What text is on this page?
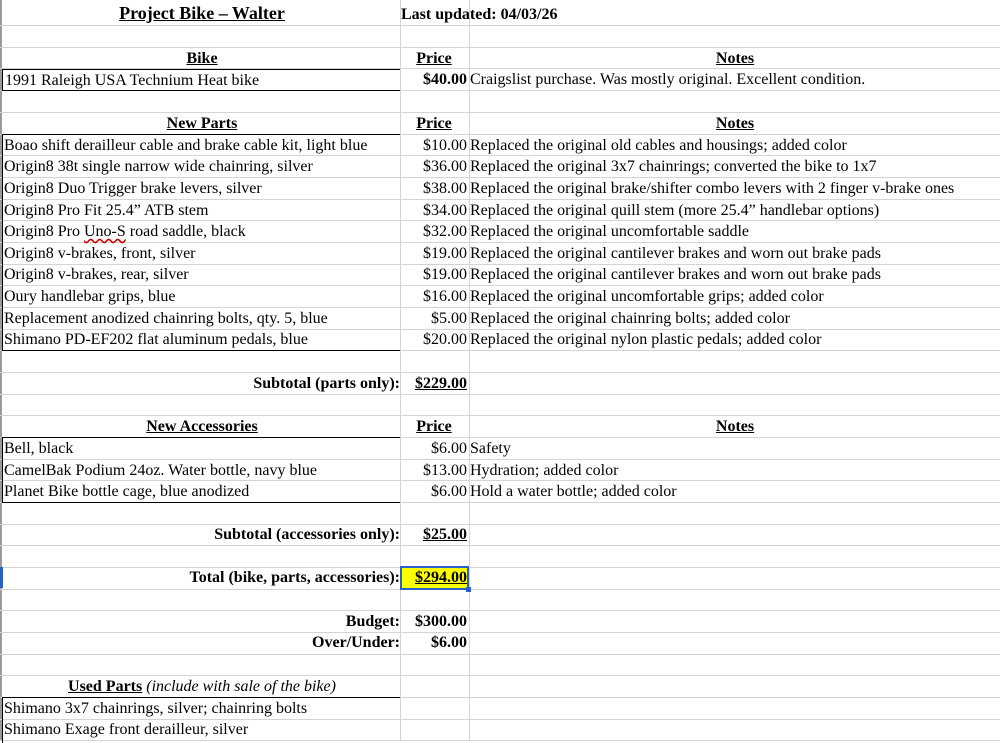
Project Bike – Walter	Last updated: 04/03/26
Bike	Price	Notes
1991 Raleigh USA Technium Heat bike	$40.00 Craigslist purchase. Was mostly original. Excellent condition.
New Parts	Price	Notes
Boao shift derailleur cable and brake cable kit, light blue	$10.00 Replaced the original old cables and housings; added color
Origin8 38t single narrow wide chainring, silver	$36.00 Replaced the original 3x7 chainrings; converted the bike to 1x7
Origin8 Duo Trigger brake levers, silver	$38.00 Replaced the original brake/shifter combo levers with 2 finger v-brake ones
Origin8 Pro Fit 25.4” ATB stem	$34.00 Replaced the original quill stem (more 25.4” handlebar options)
Origin8 Pro Uno-S road saddle, black	$32.00 Replaced the original uncomfortable saddle
Origin8 v-brakes, front, silver	$19.00 Replaced the original cantilever brakes and worn out brake pads
Origin8 v-brakes, rear, silver	$19.00 Replaced the original cantilever brakes and worn out brake pads
Oury handlebar grips, blue	$16.00 Replaced the original uncomfortable grips; added color
Replacement anodized chainring bolts, qty. 5, blue	$5.00 Replaced the original chainring bolts; added color
Shimano PD-EF202 flat aluminum pedals, blue	$20.00 Replaced the original nylon plastic pedals; added color
Subtotal (parts only): $229.00
New Accessories	Price	Notes
Bell, black	$6.00 Safety
CamelBak Podium 24oz. Water bottle, navy blue	$13.00 Hydration; added color
Planet Bike bottle cage, blue anodized	$6.00 Hold a water bottle; added color
Subtotal (accessories only):	$25.00
Total (bike, parts, accessories): $294.00
Budget: $300.00
Over/Under:	$6.00
Used Parts (include with sale of the bike)
Shimano 3x7 chainrings, silver; chainring bolts
Shimano Exage front derailleur, silver
